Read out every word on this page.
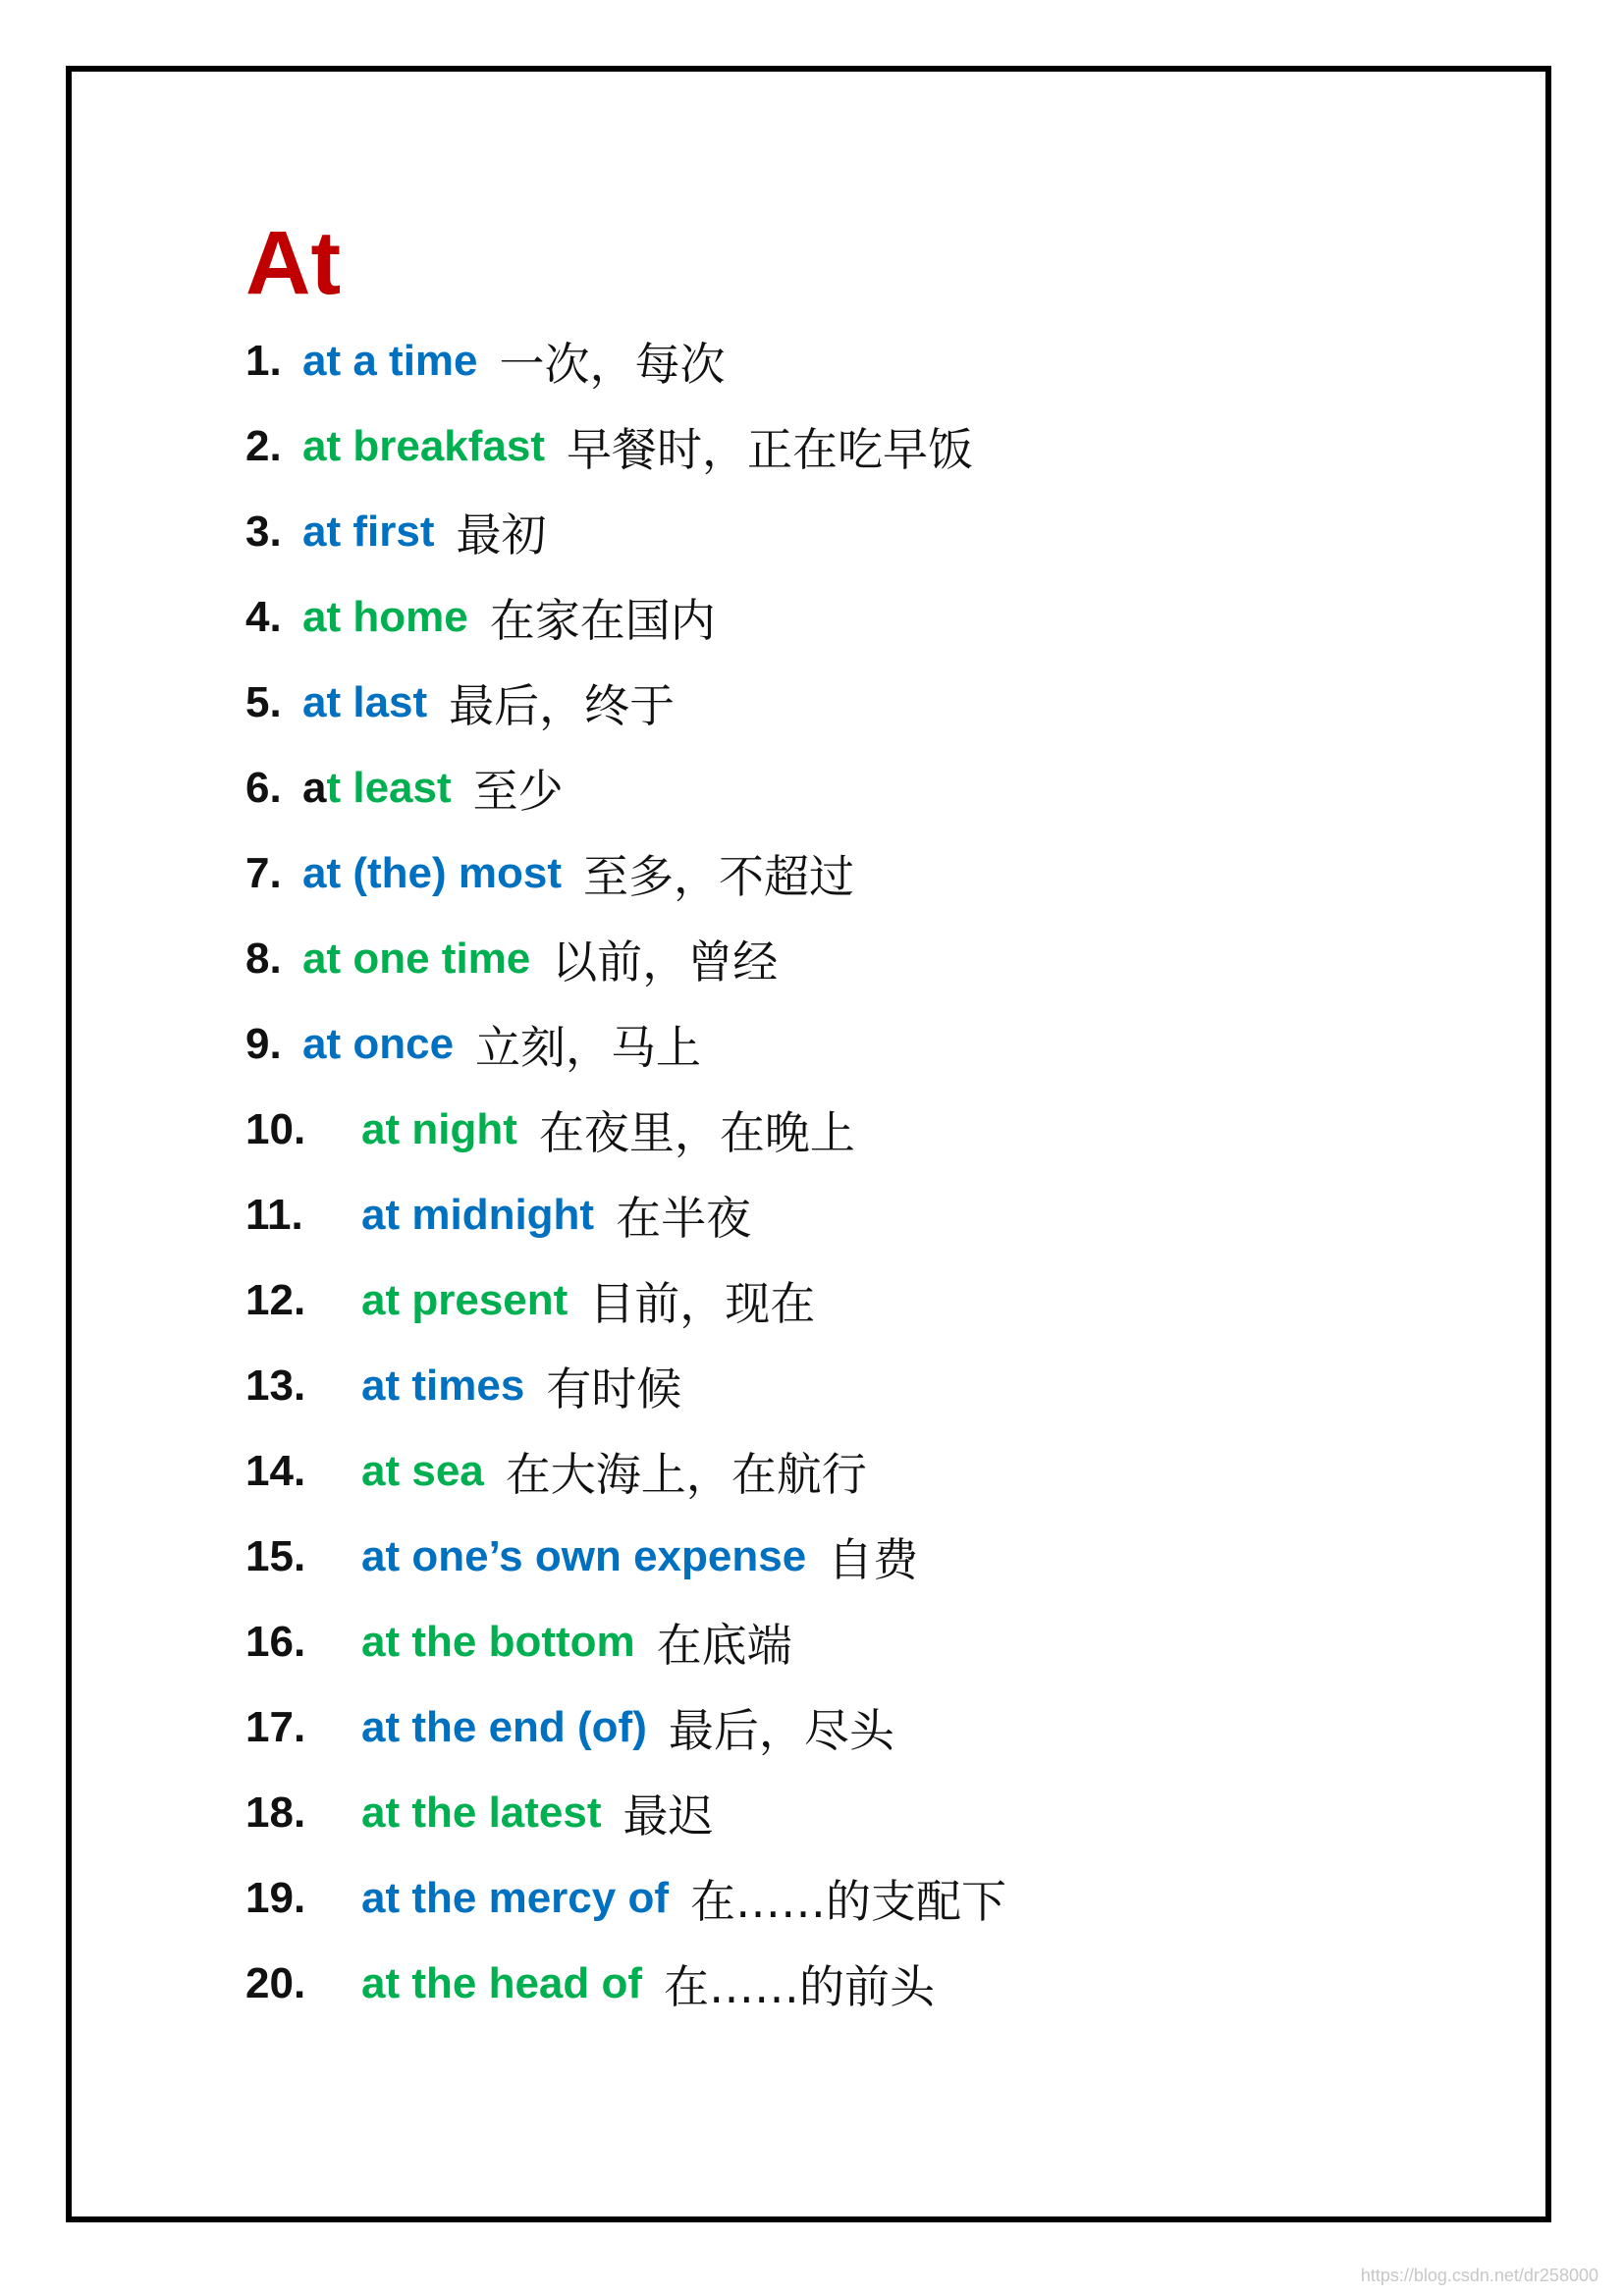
At
1. at a time 一次，每次
2. at breakfast 早餐时，正在吃早饭
3. at first 最初
4. at home 在家在国内
5. at last 最后，终于
6. at least 至少
7. at (the) most 至多，不超过
8. at one time 以前，曾经
9. at once 立刻，马上
10.	at night 在夜里，在晚上
11.	at midnight 在半夜
12.	at present 目前，现在
13.	at times 有时候
14.	at sea 在大海上，在航行
15.	at one’s own expense 自费
16.	at the bottom 在底端
17.	at the end (of) 最后，尽头
18.	at the latest 最迟
19.	at the mercy of 在……的支配下
20.	at the head of 在……的前头
https://blog.csdn.net/dr258000
